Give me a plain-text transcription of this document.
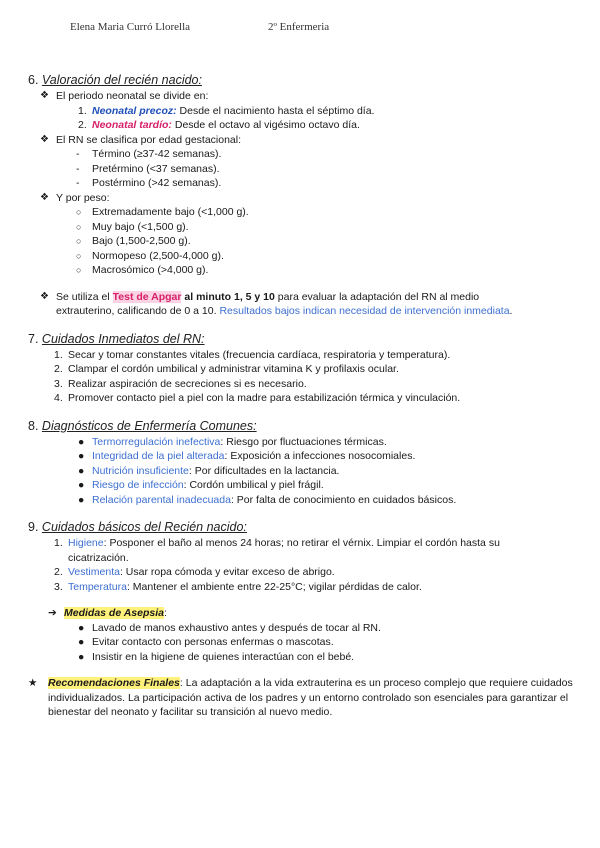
Elena Maria Curró Llorella	2º Enfermeria
6. Valoración del recién nacido:
❖ El periodo neonatal se divide en:
1. Neonatal precoz: Desde el nacimiento hasta el séptimo día.
2. Neonatal tardío: Desde el octavo al vigésimo octavo día.
❖ El RN se clasifica por edad gestacional:
- Término (≥37-42 semanas).
- Pretérmino (<37 semanas).
- Postérmino (>42 semanas).
❖ Y por peso:
○ Extremadamente bajo (<1,000 g).
○ Muy bajo (<1,500 g).
○ Bajo (1,500-2,500 g).
○ Normopeso (2,500-4,000 g).
○ Macrosómico (>4,000 g).
❖ Se utiliza el Test de Apgar al minuto 1, 5 y 10 para evaluar la adaptación del RN al medio
extrauterino, calificando de 0 a 10. Resultados bajos indican necesidad de intervención inmediata.
7. Cuidados Inmediatos del RN:
1. Secar y tomar constantes vitales (frecuencia cardíaca, respiratoria y temperatura).
2. Clampar el cordón umbilical y administrar vitamina K y profilaxis ocular.
3. Realizar aspiración de secreciones si es necesario.
4. Promover contacto piel a piel con la madre para estabilización térmica y vinculación.
8. Diagnósticos de Enfermería Comunes:
● Termorregulación inefectiva: Riesgo por fluctuaciones térmicas.
● Integridad de la piel alterada: Exposición a infecciones nosocomiales.
● Nutrición insuficiente: Por dificultades en la lactancia.
● Riesgo de infección: Cordón umbilical y piel frágil.
● Relación parental inadecuada: Por falta de conocimiento en cuidados básicos.
9. Cuidados básicos del Recién nacido:
1. Higiene: Posponer el baño al menos 24 horas; no retirar el vérnix. Limpiar el cordón hasta su
cicatrización.
2. Vestimenta: Usar ropa cómoda y evitar exceso de abrigo.
3. Temperatura: Mantener el ambiente entre 22-25°C; vigilar pérdidas de calor.
➔ Medidas de Asepsia:
● Lavado de manos exhaustivo antes y después de tocar al RN.
● Evitar contacto con personas enfermas o mascotas.
● Insistir en la higiene de quienes interactúan con el bebé.
★ Recomendaciones Finales: La adaptación a la vida extrauterina es un proceso complejo que requiere cuidados individualizados. La participación activa de los padres y un entorno controlado son esenciales para garantizar el bienestar del neonato y facilitar su transición al nuevo medio.
